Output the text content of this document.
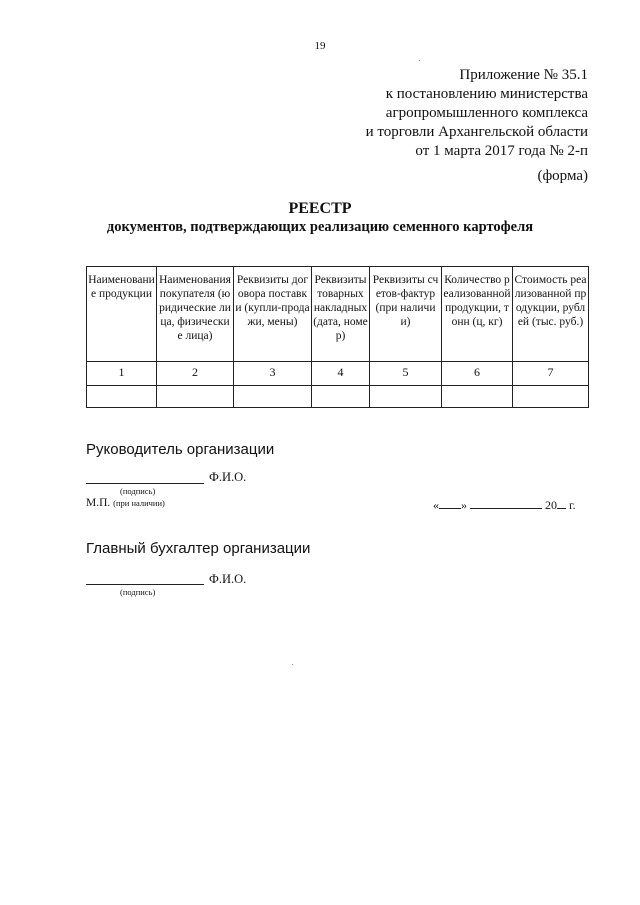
19
Приложение № 35.1
к постановлению министерства
агропромышленного комплекса
и торговли Архангельской области
от 1 марта 2017 года № 2-п
(форма)
РЕЕСТР
документов, подтверждающих реализацию семенного картофеля
Наименование продукции	Наименования покупателя (юридические лица, физические лица)	Реквизиты договора поставки (купли-продажи, мены)	Реквизиты товарных накладных (дата, номер)	Реквизиты счетов-фактур (при наличии)	Количество реализованной продукции, тонн (ц, кг)	Стоимость реализованной продукции, рублей (тыс. руб.)
1	2	3	4	5	6	7

Руководитель организации
Ф.И.О.
(подпись)
М.П. (при наличии)	« »	20 г.
Главный бухгалтер организации
Ф.И.О.
(подпись)
